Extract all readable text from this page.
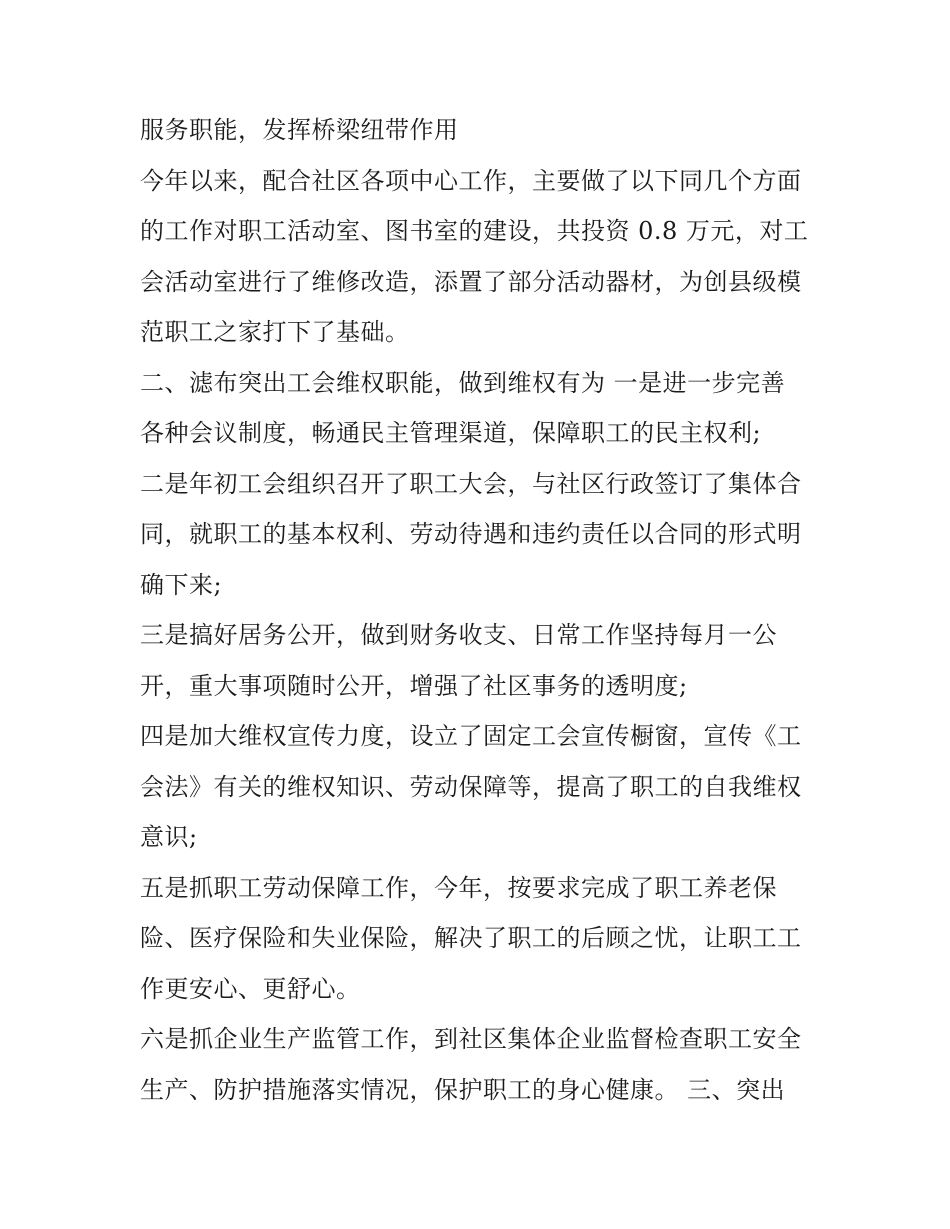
服务职能，发挥桥梁纽带作用
今年以来，配合社区各项中心工作，主要做了以下同几个方面
的工作对职工活动室、图书室的建设，共投资 0.8 万元，对工
会活动室进行了维修改造，添置了部分活动器材，为创县级模
范职工之家打下了基础。
二、滤布突出工会维权职能，做到维权有为 一是进一步完善
各种会议制度，畅通民主管理渠道，保障职工的民主权利;
二是年初工会组织召开了职工大会，与社区行政签订了集体合
同，就职工的基本权利、劳动待遇和违约责任以合同的形式明
确下来;
三是搞好居务公开，做到财务收支、日常工作坚持每月一公
开，重大事项随时公开，增强了社区事务的透明度;
四是加大维权宣传力度，设立了固定工会宣传橱窗，宣传《工
会法》有关的维权知识、劳动保障等，提高了职工的自我维权
意识;
五是抓职工劳动保障工作，今年，按要求完成了职工养老保
险、医疗保险和失业保险，解决了职工的后顾之忧，让职工工
作更安心、更舒心。
六是抓企业生产监管工作，到社区集体企业监督检查职工安全
生产、防护措施落实情况，保护职工的身心健康。 三、突出
